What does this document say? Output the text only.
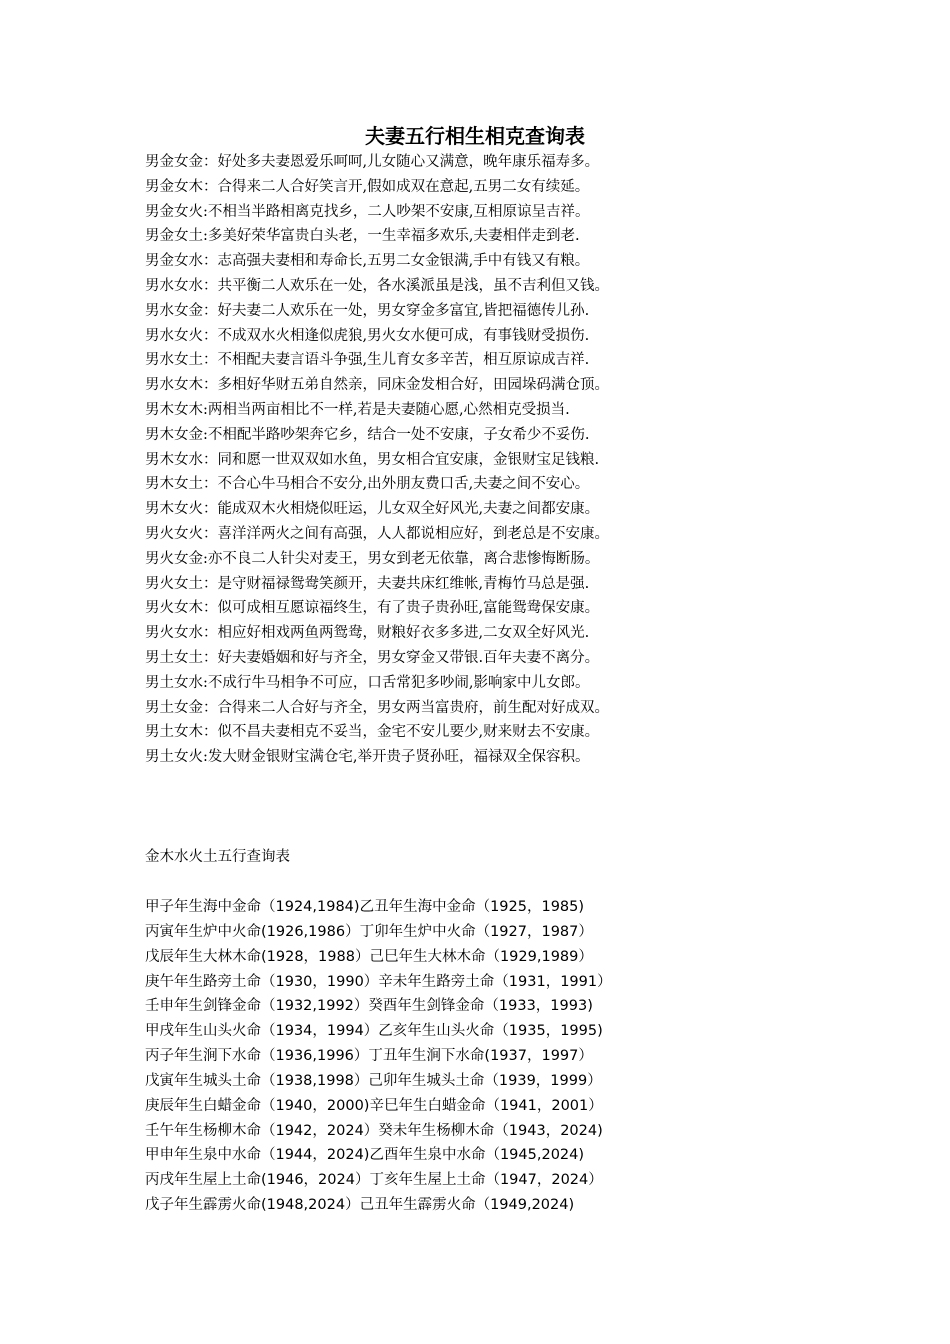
夫妻五行相生相克查询表
男金女金：好处多夫妻恩爱乐呵呵,儿女随心又满意，晚年康乐福寿多。
男金女木：合得来二人合好笑言开,假如成双在意起,五男二女有续延。
男金女火:不相当半路相离克找乡，二人吵架不安康,互相原谅呈吉祥。
男金女土:多美好荣华富贵白头老，一生幸福多欢乐,夫妻相伴走到老.
男金女水：志高强夫妻相和寿命长,五男二女金银满,手中有钱又有粮。
男水女水：共平衡二人欢乐在一处，各水溪派虽是浅，虽不吉利但又钱。
男水女金：好夫妻二人欢乐在一处，男女穿金多富宜,皆把福德传儿孙.
男水女火：不成双水火相逢似虎狼,男火女水便可成，有事钱财受损伤.
男水女土：不相配夫妻言语斗争强,生儿育女多辛苦，相互原谅成吉祥.
男水女木：多相好华财五弟自然亲，同床金发相合好，田园垛码满仓顶。
男木女木:两相当两亩相比不一样,若是夫妻随心愿,心然相克受损当.
男木女金:不相配半路吵架奔它乡，结合一处不安康，子女希少不妥伤.
男木女水：同和愿一世双双如水鱼，男女相合宜安康，金银财宝足钱粮.
男木女土：不合心牛马相合不安分,出外朋友费口舌,夫妻之间不安心。
男木女火：能成双木火相烧似旺运，儿女双全好风光,夫妻之间都安康。
男火女火：喜洋洋两火之间有高强，人人都说相应好，到老总是不安康。
男火女金:亦不良二人针尖对麦王，男女到老无依靠，离合悲惨悔断肠。
男火女土：是守财福禄鸳鸯笑颜开，夫妻共床红维帐,青梅竹马总是强.
男火女木：似可成相互愿谅福终生，有了贵子贵孙旺,富能鸳鸯保安康。
男火女水：相应好相戏两鱼两鸳鸯，财粮好衣多多进,二女双全好风光.
男土女土：好夫妻婚姻和好与齐全，男女穿金又带银.百年夫妻不离分。
男土女水:不成行牛马相争不可应，口舌常犯多吵闹,影响家中儿女郎。
男土女金：合得来二人合好与齐全，男女两当富贵府，前生配对好成双。
男土女木：似不昌夫妻相克不妥当，金宅不安儿要少,财来财去不安康。
男土女火:发大财金银财宝满仓宅,举开贵子贤孙旺，福禄双全保容积。
金木水火土五行查询表
甲子年生海中金命（1924,1984)乙丑年生海中金命（1925，1985)
丙寅年生炉中火命(1926,1986）丁卯年生炉中火命（1927，1987）
戊辰年生大林木命(1928，1988）己巳年生大林木命（1929,1989）
庚午年生路旁土命（1930，1990）辛未年生路旁土命（1931，1991）
壬申年生剑锋金命（1932,1992）癸酉年生剑锋金命（1933，1993)
甲戌年生山头火命（1934，1994）乙亥年生山头火命（1935，1995)
丙子年生涧下水命（1936,1996）丁丑年生涧下水命(1937，1997）
戊寅年生城头土命（1938,1998）己卯年生城头土命（1939，1999）
庚辰年生白蜡金命（1940，2000)辛巳年生白蜡金命（1941，2001）
壬午年生杨柳木命（1942，2024）癸未年生杨柳木命（1943，2024)
甲申年生泉中水命（1944，2024)乙酉年生泉中水命（1945,2024)
丙戌年生屋上土命(1946，2024）丁亥年生屋上土命（1947，2024）
戊子年生霹雳火命(1948,2024）己丑年生霹雳火命（1949,2024)
